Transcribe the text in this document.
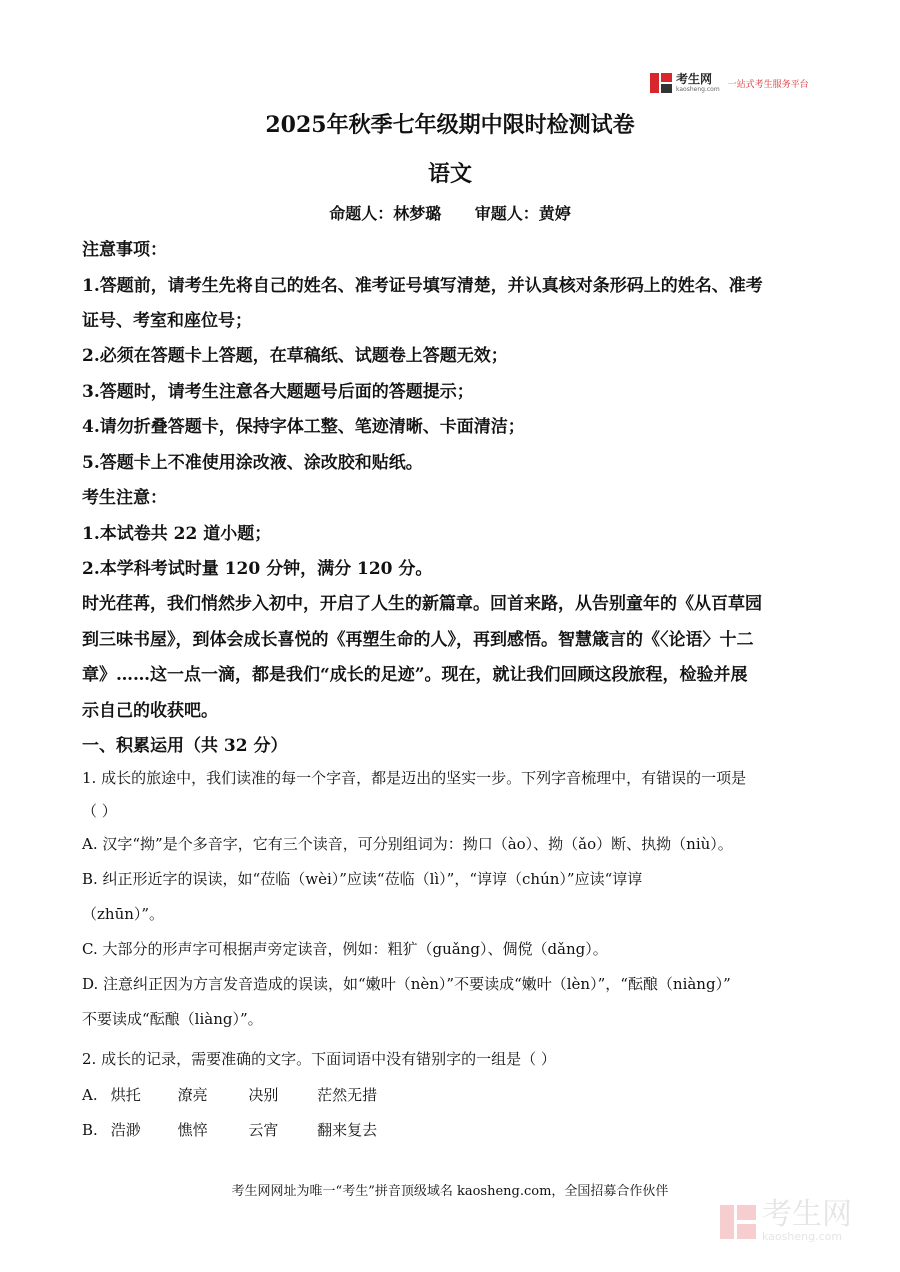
考生网
kaosheng.com 一站式考生服务平台
2025年秋季七年级期中限时检测试卷
语文
命题人：林梦璐      审题人：黄婷
注意事项：
1.答题前，请考生先将自己的姓名、准考证号填写清楚，并认真核对条形码上的姓名、准考
证号、考室和座位号；
2.必须在答题卡上答题，在草稿纸、试题卷上答题无效；
3.答题时，请考生注意各大题题号后面的答题提示；
4.请勿折叠答题卡，保持字体工整、笔迹清晰、卡面清洁；
5.答题卡上不准使用涂改液、涂改胶和贴纸。
考生注意：
1.本试卷共 22 道小题；
2.本学科考试时量 120 分钟，满分 120 分。
时光荏苒，我们悄然步入初中，开启了人生的新篇章。回首来路，从告别童年的《从百草园
到三味书屋》，到体会成长喜悦的《再塑生命的人》，再到感悟。智慧箴言的《〈论语〉十二
章》……这一点一滴，都是我们“成长的足迹”。现在，就让我们回顾这段旅程，检验并展
示自己的收获吧。
一、积累运用（共 32 分）
1. 成长的旅途中，我们读准的每一个字音，都是迈出的坚实一步。下列字音梳理中，有错误的一项是
（ ）
A. 汉字“拗”是个多音字，它有三个读音，可分别组词为：拗口（ào）、拗（ǎo）断、执拗（niù）。
B. 纠正形近字的误读，如“莅临（wèi）”应读“莅临（lì）”，“谆谆（chún）”应读“谆谆
（zhūn）”。
C. 大部分的形声字可根据声旁定读音，例如：粗犷（guǎng）、倜傥（dǎng）。
D. 注意纠正因为方言发音造成的误读，如“嫩叶（nèn）”不要读成“嫩叶（lèn）”，“酝酿（niàng）”
不要读成“酝酿（liàng）”。
2. 成长的记录，需要准确的文字。下面词语中没有错别字的一组是（ ）
A. 烘托 潦亮	决别	茫然无措
B. 浩渺 憔悴	云宵	翻来复去
考生网网址为唯一“考生”拼音顶级域名 kaosheng.com，全国招募合作伙伴
考生网
kaosheng.com
